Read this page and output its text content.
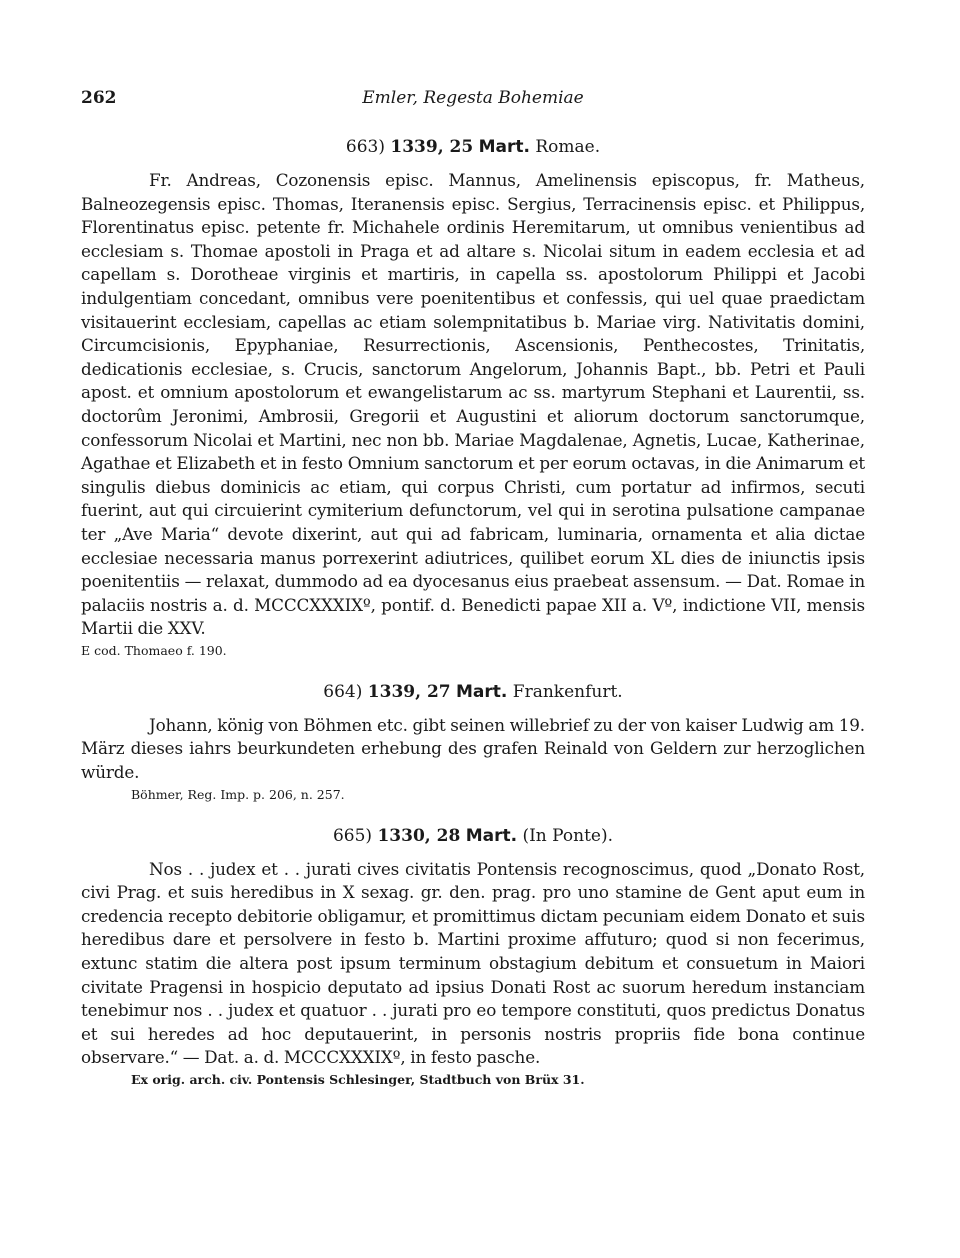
262	Emler, Regesta Bohemiae

663) 1339, 25 Mart. Romae.

Fr. Andreas, Cozonensis episc. Mannus, Amelinensis episcopus, fr. Matheus, Balneozegensis episc. Thomas, Iteranensis episc. Sergius, Terracinensis episc. et Philippus, Florentinatus episc. petente fr. Michahele ordinis Heremitarum, ut omnibus venientibus ad ecclesiam s. Thomae apostoli in Praga et ad altare s. Nicolai situm in eadem ecclesia et ad capellam s. Dorotheae virginis et martiris, in capella ss. apostolorum Philippi et Jacobi indulgentiam concedant, omnibus vere poenitentibus et confessis, qui uel quae praedictam visitauerint ecclesiam, capellas ac etiam solempnitatibus b. Mariae virg. Nativitatis domini, Circumcisionis, Epyphaniae, Resurrectionis, Ascensionis, Penthecostes, Trinitatis, dedicationis ecclesiae, s. Crucis, sanctorum Angelorum, Johannis Bapt., bb. Petri et Pauli apost. et omnium apostolorum et ewangelistarum ac ss. martyrum Stephani et Laurentii, ss. doctorûm Jeronimi, Ambrosii, Gregorii et Augustini et aliorum doctorum sanctorumque, confessorum Nicolai et Martini, nec non bb. Mariae Magdalenae, Agnetis, Lucae, Katherinae, Agathae et Elizabeth et in festo Omnium sanctorum et per eorum octavas, in die Animarum et singulis diebus dominicis ac etiam, qui corpus Christi, cum portatur ad infirmos, secuti fuerint, aut qui circuierint cymiterium defunctorum, vel qui in serotina pulsatione campanae ter „Ave Maria“ devote dixerint, aut qui ad fabricam, luminaria, ornamenta et alia dictae ecclesiae necessaria manus porrexerint adiutrices, quilibet eorum XL dies de iniunctis ipsis poenitentiis — relaxat, dummodo ad ea dyocesanus eius praebeat assensum. — Dat. Romae in palaciis nostris a. d. MCCCXXXIXº, pontif. d. Benedicti papae XII a. Vº, indictione VII, mensis Martii die XXV.

E cod. Thomaeo f. 190.

664) 1339, 27 Mart. Frankenfurt.

Johann, könig von Böhmen etc. gibt seinen willebrief zu der von kaiser Ludwig am 19. März dieses iahrs beurkundeten erhebung des grafen Reinald von Geldern zur herzoglichen würde.

Böhmer, Reg. Imp. p. 206, n. 257.

665) 1330, 28 Mart. (In Ponte).

Nos . . judex et . . jurati cives civitatis Pontensis recognoscimus, quod „Donato Rost, civi Prag. et suis heredibus in X sexag. gr. den. prag. pro uno stamine de Gent aput eum in credencia recepto debitorie obligamur, et promittimus dictam pecuniam eidem Donato et suis heredibus dare et persolvere in festo b. Martini proxime affuturo; quod si non fecerimus, extunc statim die altera post ipsum terminum obstagium debitum et consuetum in Maiori civitate Pragensi in hospicio deputato ad ipsius Donati Rost ac suorum heredum instanciam tenebimur nos . . judex et quatuor . . jurati pro eo tempore constituti, quos predictus Donatus et sui heredes ad hoc deputauerint, in personis nostris propriis fide bona continue observare.“ — Dat. a. d. MCCCXXXIXº, in festo pasche.

Ex orig. arch. civ. Pontensis Schlesinger, Stadtbuch von Brüx 31.
